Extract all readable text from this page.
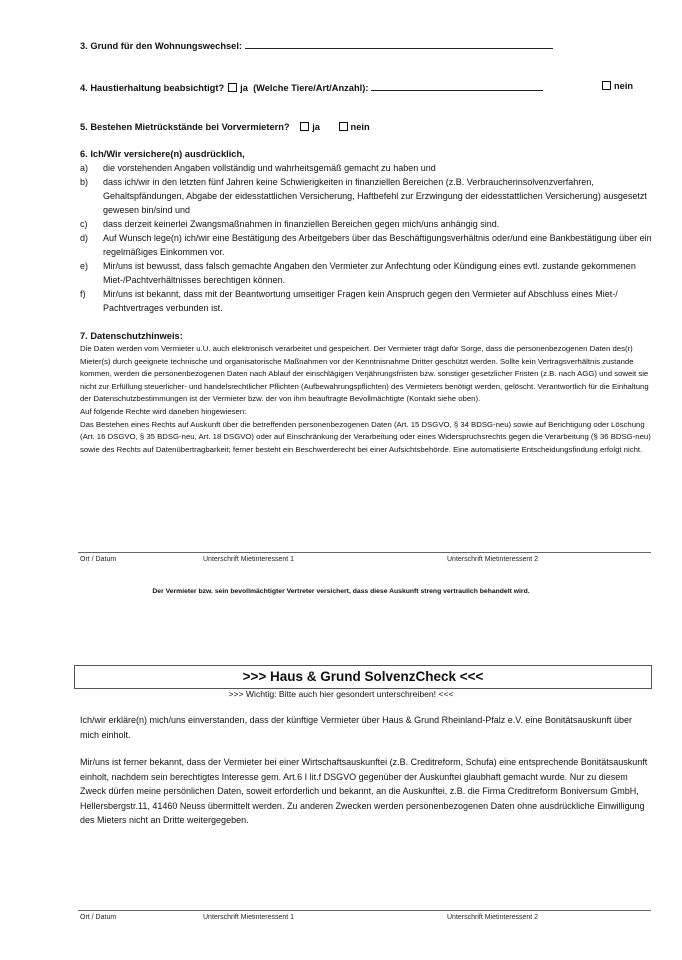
3. Grund für den Wohnungswechsel:
4. Haustierhaltung beabsichtigt? ja (Welche Tiere/Art/Anzahl):	nein
5. Bestehen Mietrückstände bei Vorvermietern? ja	nein
6. Ich/Wir versichere(n) ausdrücklich,
a)	die vorstehenden Angaben vollständig und wahrheitsgemäß gemacht zu haben und
b)	dass ich/wir in den letzten fünf Jahren keine Schwierigkeiten in finanziellen Bereichen (z.B. Verbraucherinsolvenzverfahren, Gehaltspfändungen, Abgabe der eidesstattlichen Versicherung, Haftbefehl zur Erzwingung der eidesstattlichen Versicherung) ausgesetzt gewesen bin/sind und
c)	dass derzeit keinerlei Zwangsmaßnahmen in finanziellen Bereichen gegen mich/uns anhängig sind.
d)	Auf Wunsch lege(n) ich/wir eine Bestätigung des Arbeitgebers über das Beschäftigungsverhältnis oder/und eine Bankbestätigung über ein regelmäßiges Einkommen vor.
e)	Mir/uns ist bewusst, dass falsch gemachte Angaben den Vermieter zur Anfechtung oder Kündigung eines evtl. zustande gekommenen Miet-/Pachtverhältnisses berechtigen können.
f)	Mir/uns ist bekannt, dass mit der Beantwortung umseitiger Fragen kein Anspruch gegen den Vermieter auf Abschluss eines Miet-/ Pachtvertrages verbunden ist.
7. Datenschutzhinweis:
Die Daten werden vom Vermieter u.U. auch elektronisch verarbeitet und gespeichert. Der Vermieter trägt dafür Sorge, dass die personenbezogenen Daten des(r) Mieter(s) durch geeignete technische und organisatorische Maßnahmen vor der Kenntnisnahme Dritter geschützt werden. Sollte kein Vertragsverhältnis zustande kommen, werden die personenbezogenen Daten nach Ablauf der einschlägigen Verjährungsfristen bzw. sonstiger gesetzlicher Fristen (z.B. nach AGG) und soweit sie nicht zur Erfüllung steuerlicher- und handelsrechtlicher Pflichten (Aufbewahrungspflichten) des Vermieters benötigt werden, gelöscht. Verantwortlich für die Einhaltung der Datenschutzbestimmungen ist der Vermieter bzw. der von ihm beauftragte Bevollmächtigte (Kontakt siehe oben).
Auf folgende Rechte wird daneben hingewiesen:
Das Bestehen eines Rechts auf Auskunft über die betreffenden personenbezogenen Daten (Art. 15 DSGVO, § 34 BDSG-neu) sowie auf Berichtigung oder Löschung (Art. 16 DSGVO, § 35 BDSG-neu, Art. 18 DSGVO) oder auf Einschränkung der Verarbeitung oder eines Widerspruchsrechts gegen die Verarbeitung (§ 36 BDSG-neu) sowie des Rechts auf Datenübertragbarkeit; ferner besteht ein Beschwerderecht bei einer Aufsichtsbehörde. Eine automatisierte Entscheidungsfindung erfolgt nicht.
Ort / Datum	Unterschrift Mietinteressent 1	Unterschrift Mietinteressent 2
Der Vermieter bzw. sein bevollmächtigter Vertreter versichert, dass diese Auskunft streng vertraulich behandelt wird.
>>> Haus & Grund SolvenzCheck <<<
>>> Wichtig: Bitte auch hier gesondert unterschreiben! <<<
Ich/wir erkläre(n) mich/uns einverstanden, dass der künftige Vermieter über Haus & Grund Rheinland-Pfalz e.V. eine Bonitätsauskunft über mich einholt.
Mir/uns ist ferner bekannt, dass der Vermieter bei einer Wirtschaftsauskunftei (z.B. Creditreform, Schufa) eine entsprechende Bonitätsauskunft einholt, nachdem sein berechtigtes Interesse gem. Art.6 I lit.f DSGVO gegenüber der Auskunftei glaubhaft gemacht wurde. Nur zu diesem Zweck dürfen meine persönlichen Daten, soweit erforderlich und bekannt, an die Auskunftei, z.B. die Firma Creditreform Boniversum GmbH, Hellersbergstr.11, 41460 Neuss übermittelt werden. Zu anderen Zwecken werden personenbezogenen Daten ohne ausdrückliche Einwilligung des Mieters nicht an Dritte weitergegeben.
Ort / Datum	Unterschrift Mietinteressent 1	Unterschrift Mietinteressent 2
